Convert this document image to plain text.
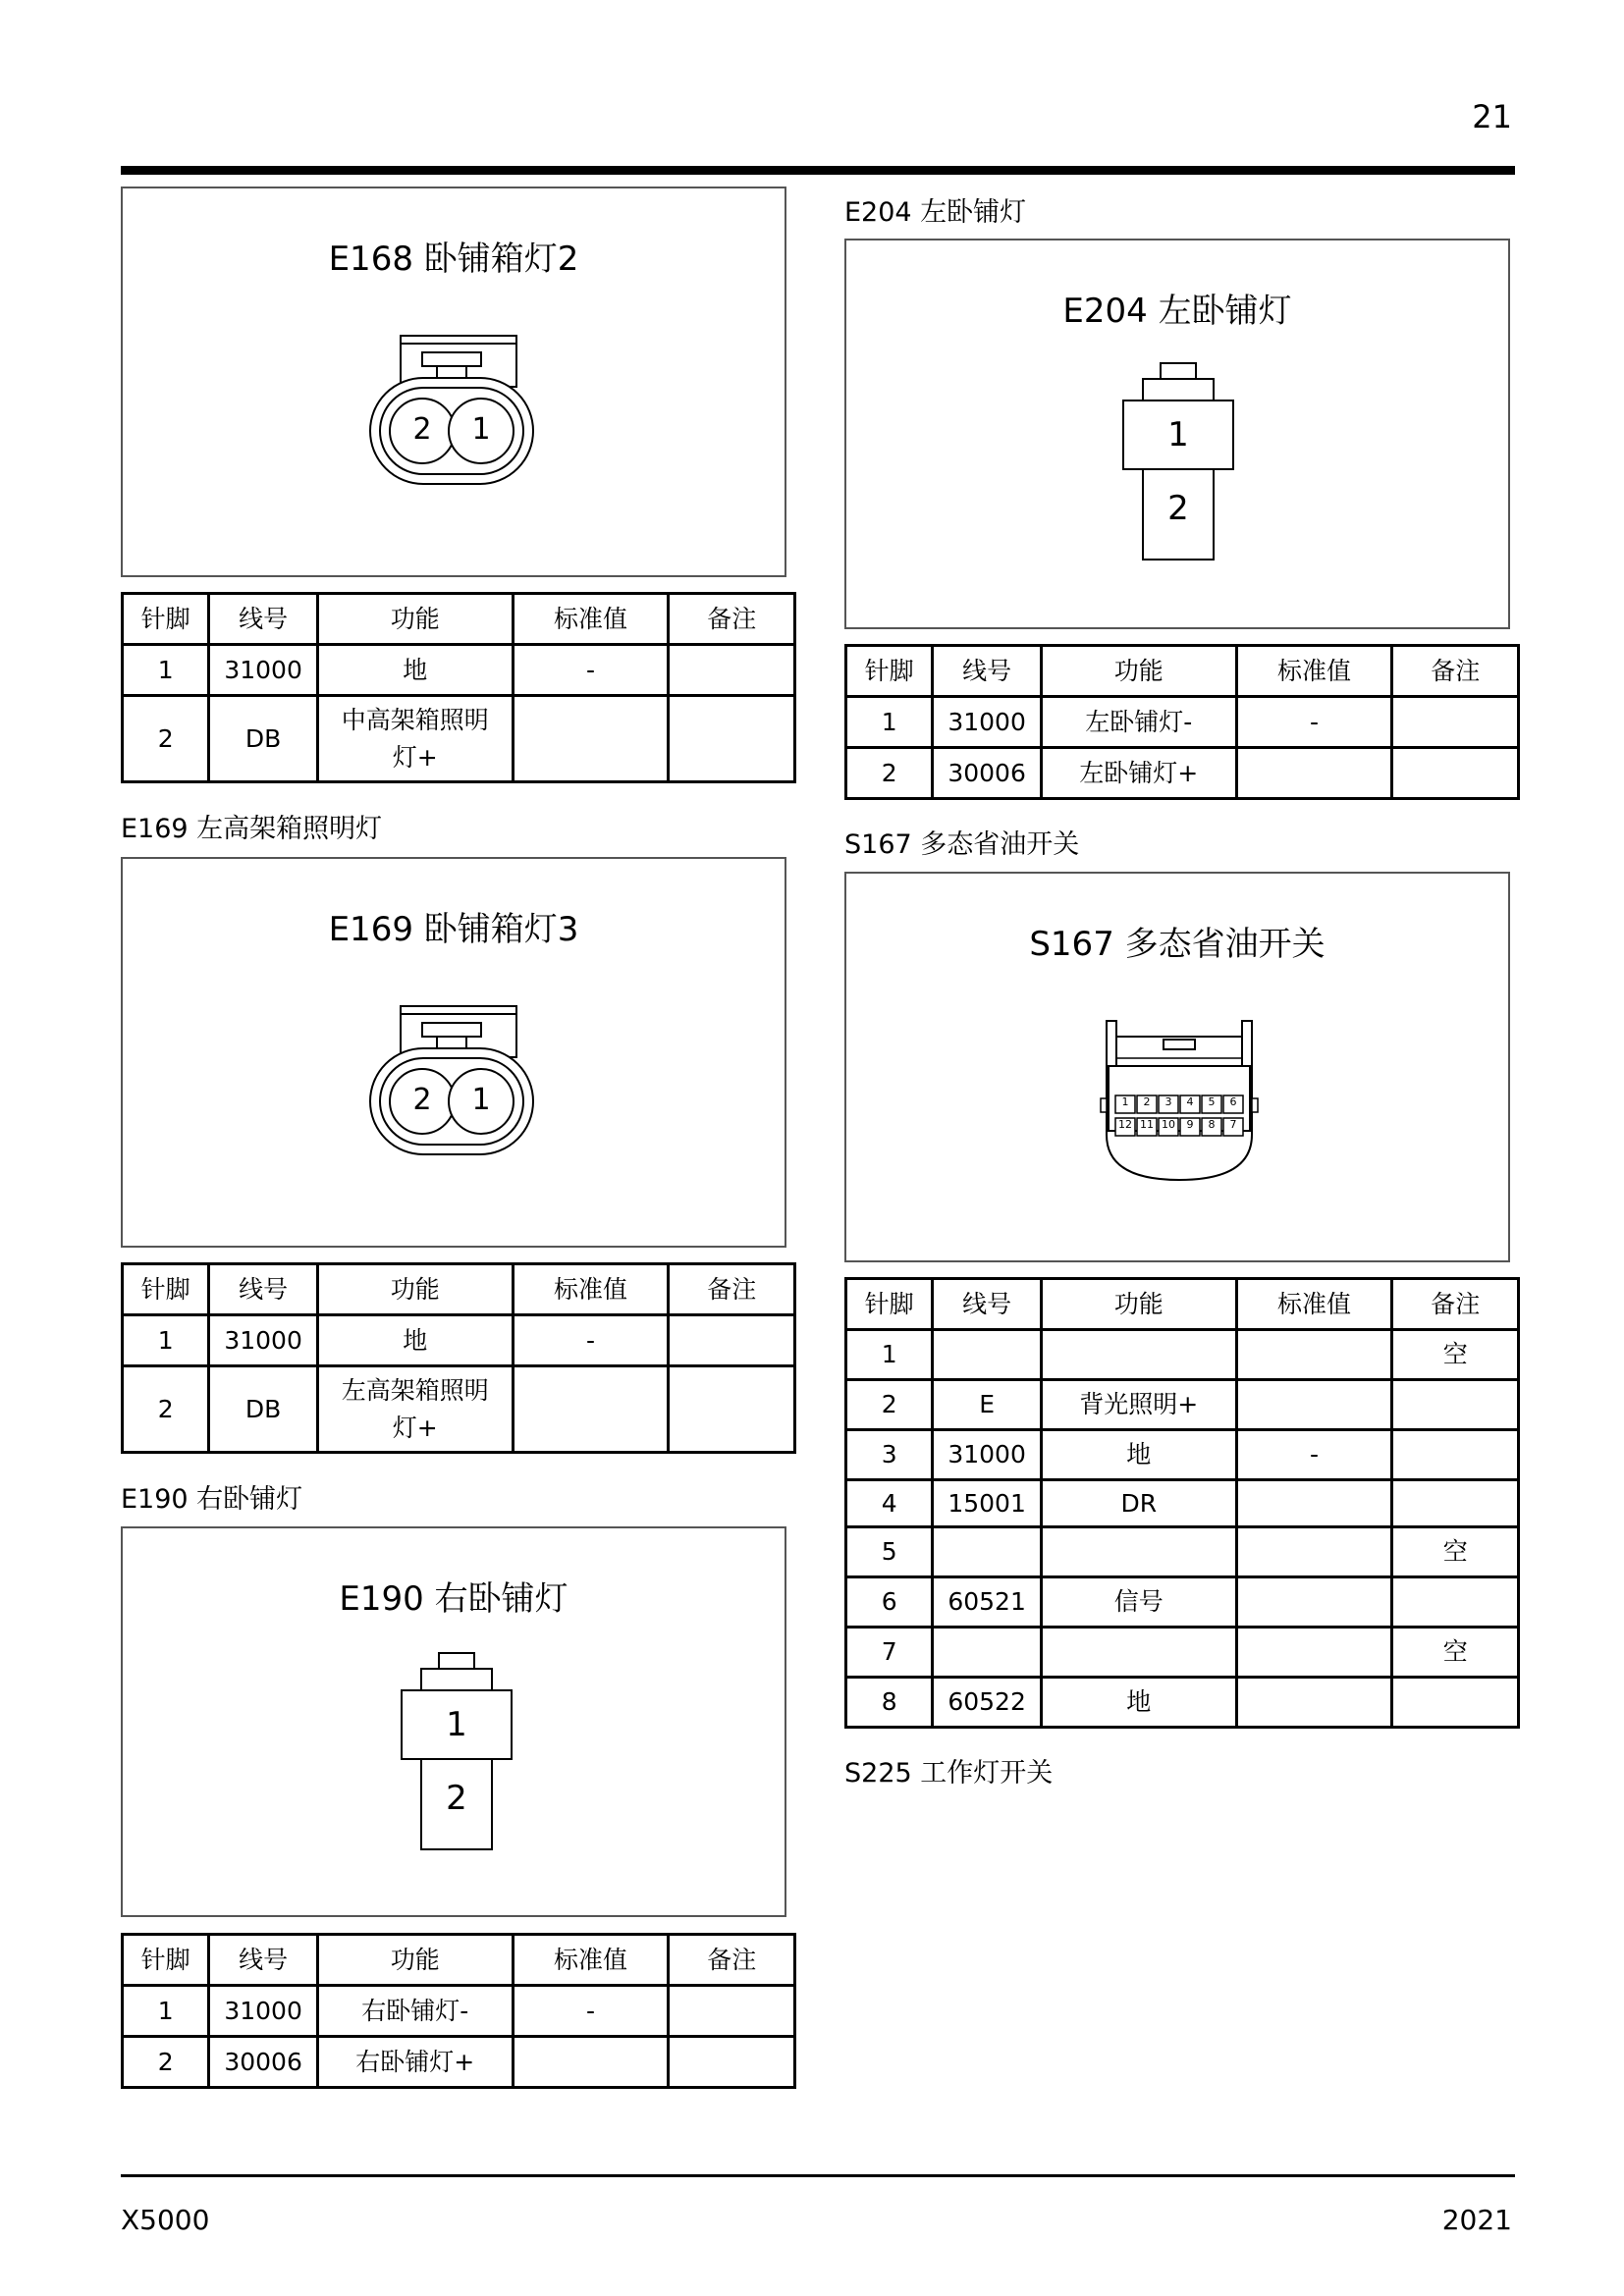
21
E168 卧铺箱灯2
2 1
针脚	线号	功能	标准值	备注
1	31000	地	-	
2	DB	中高架箱照明灯+		
E169 左高架箱照明灯
E169 卧铺箱灯3
2 1
针脚	线号	功能	标准值	备注
1	31000	地	-	
2	DB	左高架箱照明灯+		
E190 右卧铺灯
E190 右卧铺灯
1
2
针脚	线号	功能	标准值	备注
1	31000	右卧铺灯-	-	
2	30006	右卧铺灯+		
E204 左卧铺灯
E204 左卧铺灯
1
2
针脚	线号	功能	标准值	备注
1	31000	左卧铺灯-	-	
2	30006	左卧铺灯+		
S167 多态省油开关
S167 多态省油开关
1	2	3	4	5	6
12 11 10	9	8	7
针脚	线号	功能	标准值	备注
1				空
2	E	背光照明+		
3	31000	地	-	
4	15001	DR		
5				空
6	60521	信号		
7				空
8	60522	地		
S225 工作灯开关
X5000	2021
